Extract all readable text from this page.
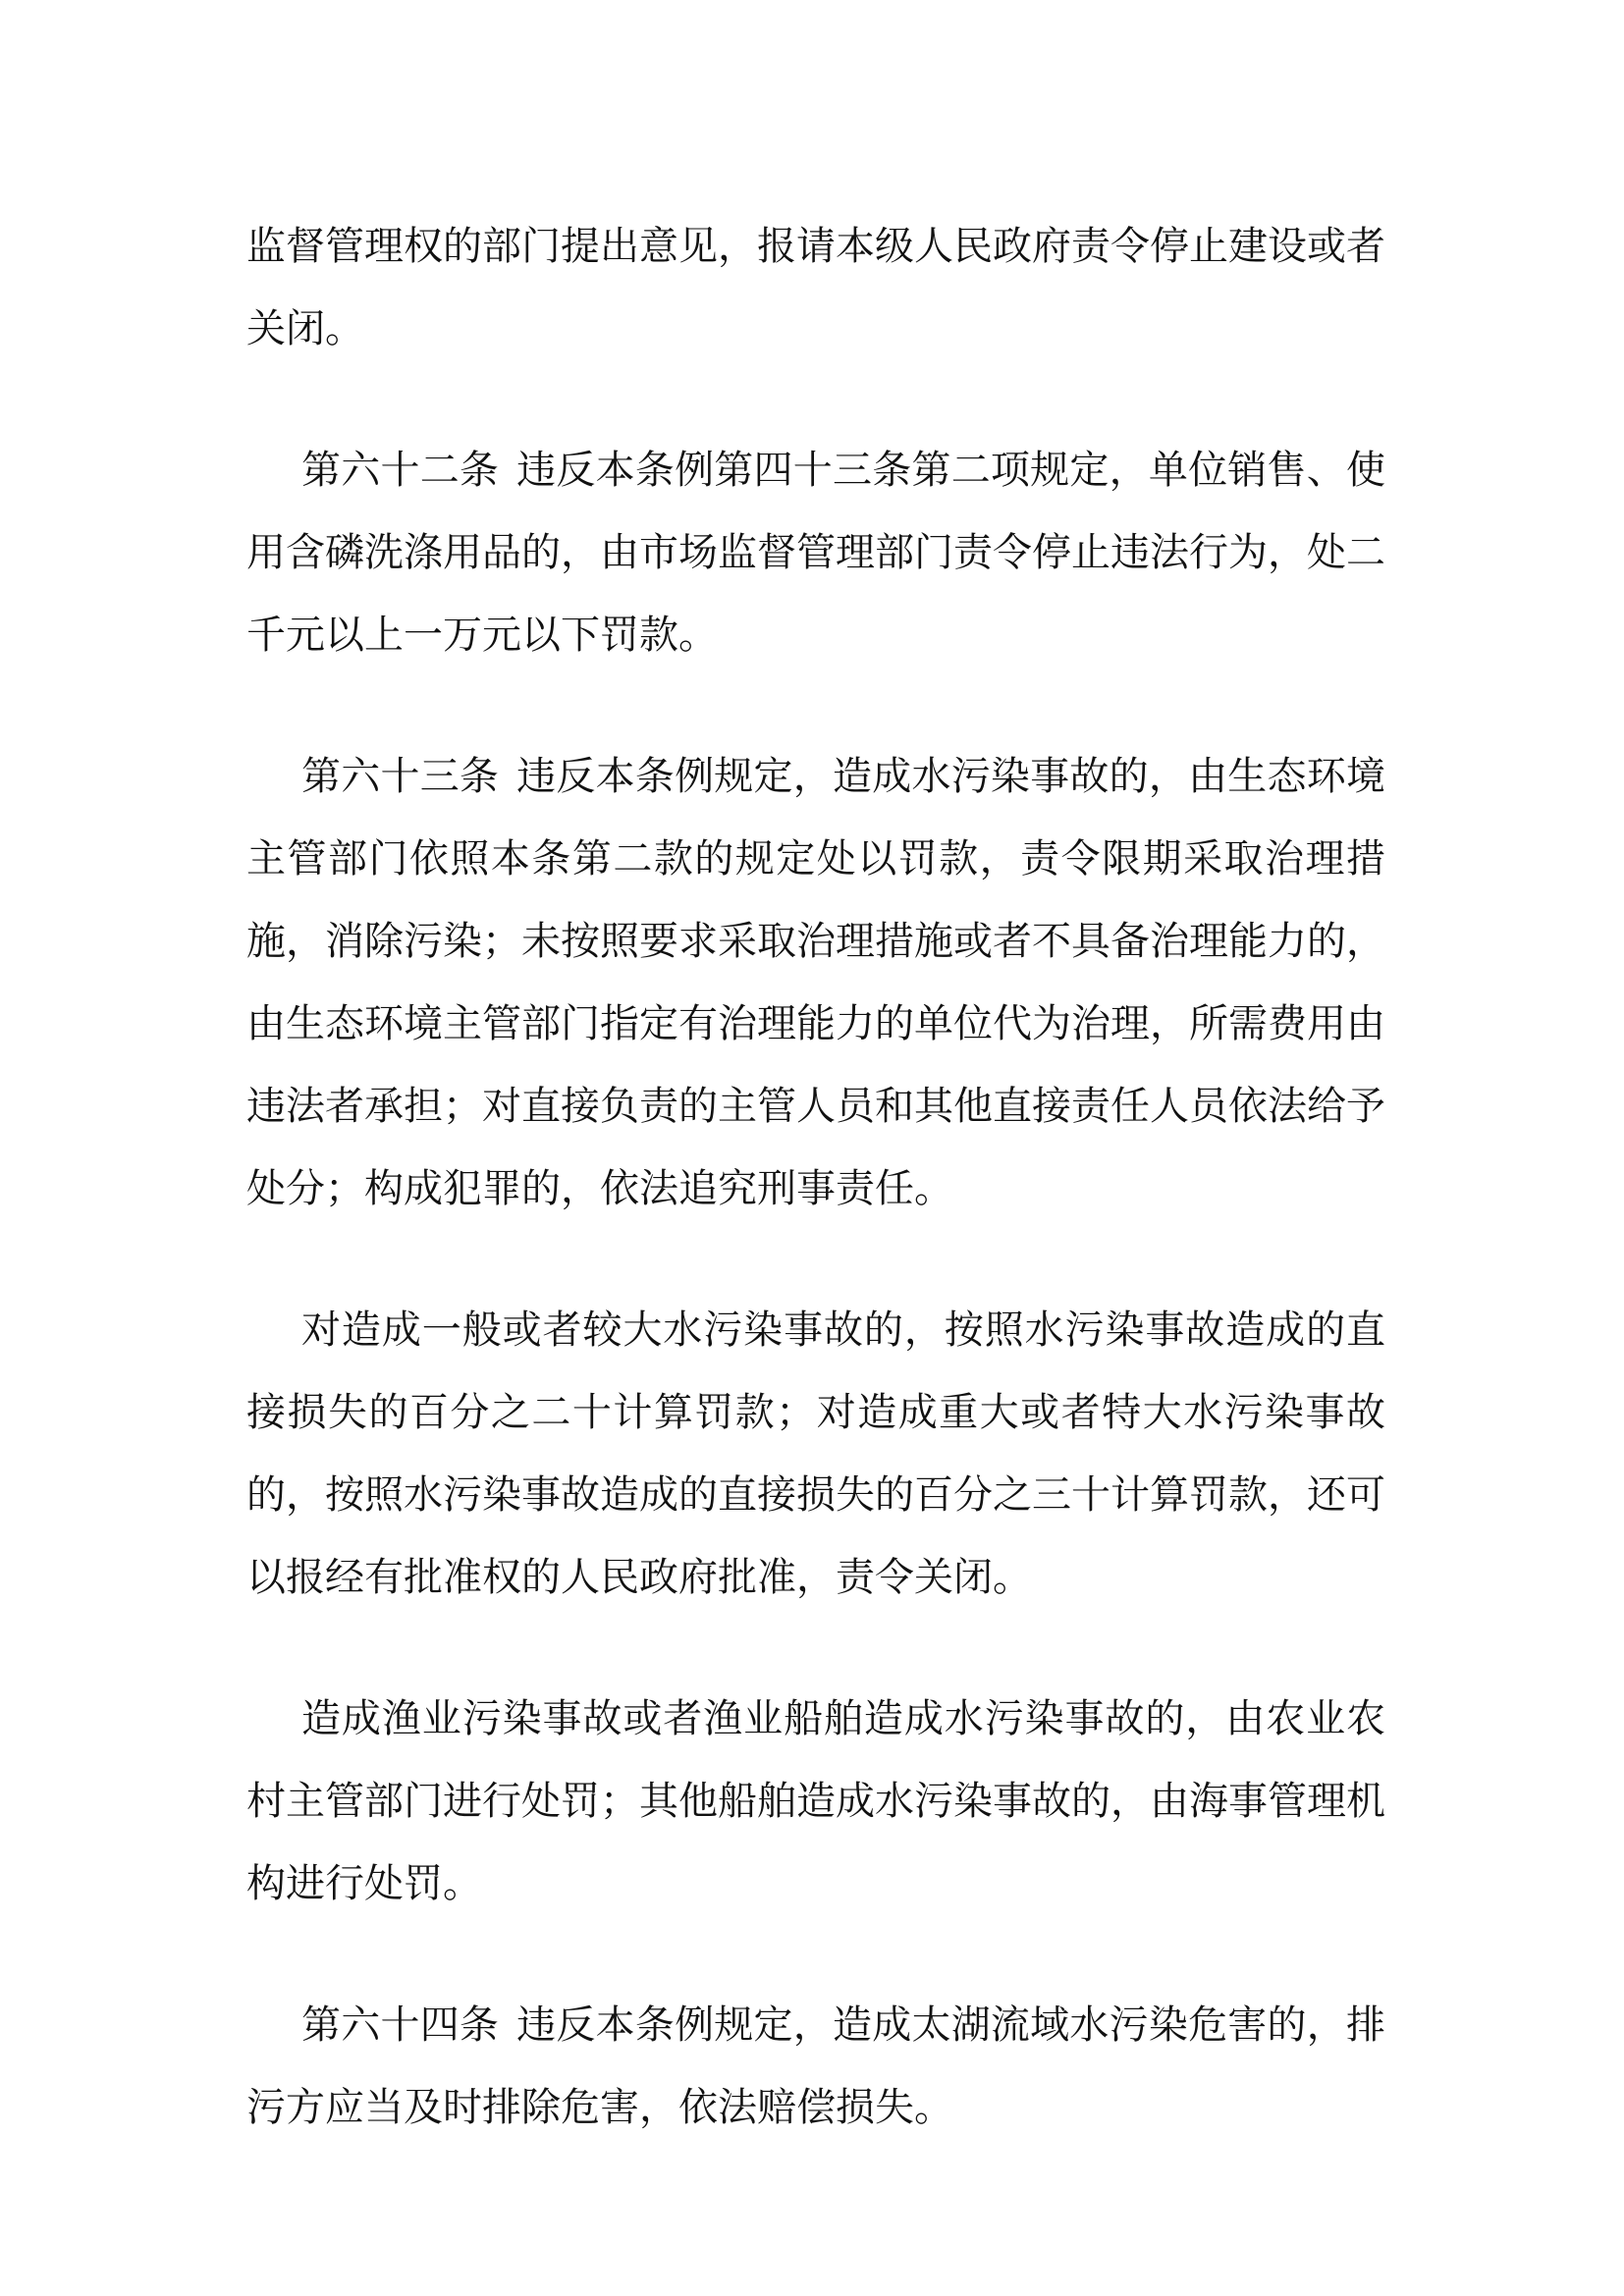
监督管理权的部门提出意见，报请本级人民政府责令停止建设或者关闭。

第六十二条 违反本条例第四十三条第二项规定，单位销售、使用含磷洗涤用品的，由市场监督管理部门责令停止违法行为，处二千元以上一万元以下罚款。

第六十三条 违反本条例规定，造成水污染事故的，由生态环境主管部门依照本条第二款的规定处以罚款，责令限期采取治理措施，消除污染；未按照要求采取治理措施或者不具备治理能力的，由生态环境主管部门指定有治理能力的单位代为治理，所需费用由违法者承担；对直接负责的主管人员和其他直接责任人员依法给予处分；构成犯罪的，依法追究刑事责任。

对造成一般或者较大水污染事故的，按照水污染事故造成的直接损失的百分之二十计算罚款；对造成重大或者特大水污染事故的，按照水污染事故造成的直接损失的百分之三十计算罚款，还可以报经有批准权的人民政府批准，责令关闭。

造成渔业污染事故或者渔业船舶造成水污染事故的，由农业农村主管部门进行处罚；其他船舶造成水污染事故的，由海事管理机构进行处罚。

第六十四条 违反本条例规定，造成太湖流域水污染危害的，排污方应当及时排除危害，依法赔偿损失。
